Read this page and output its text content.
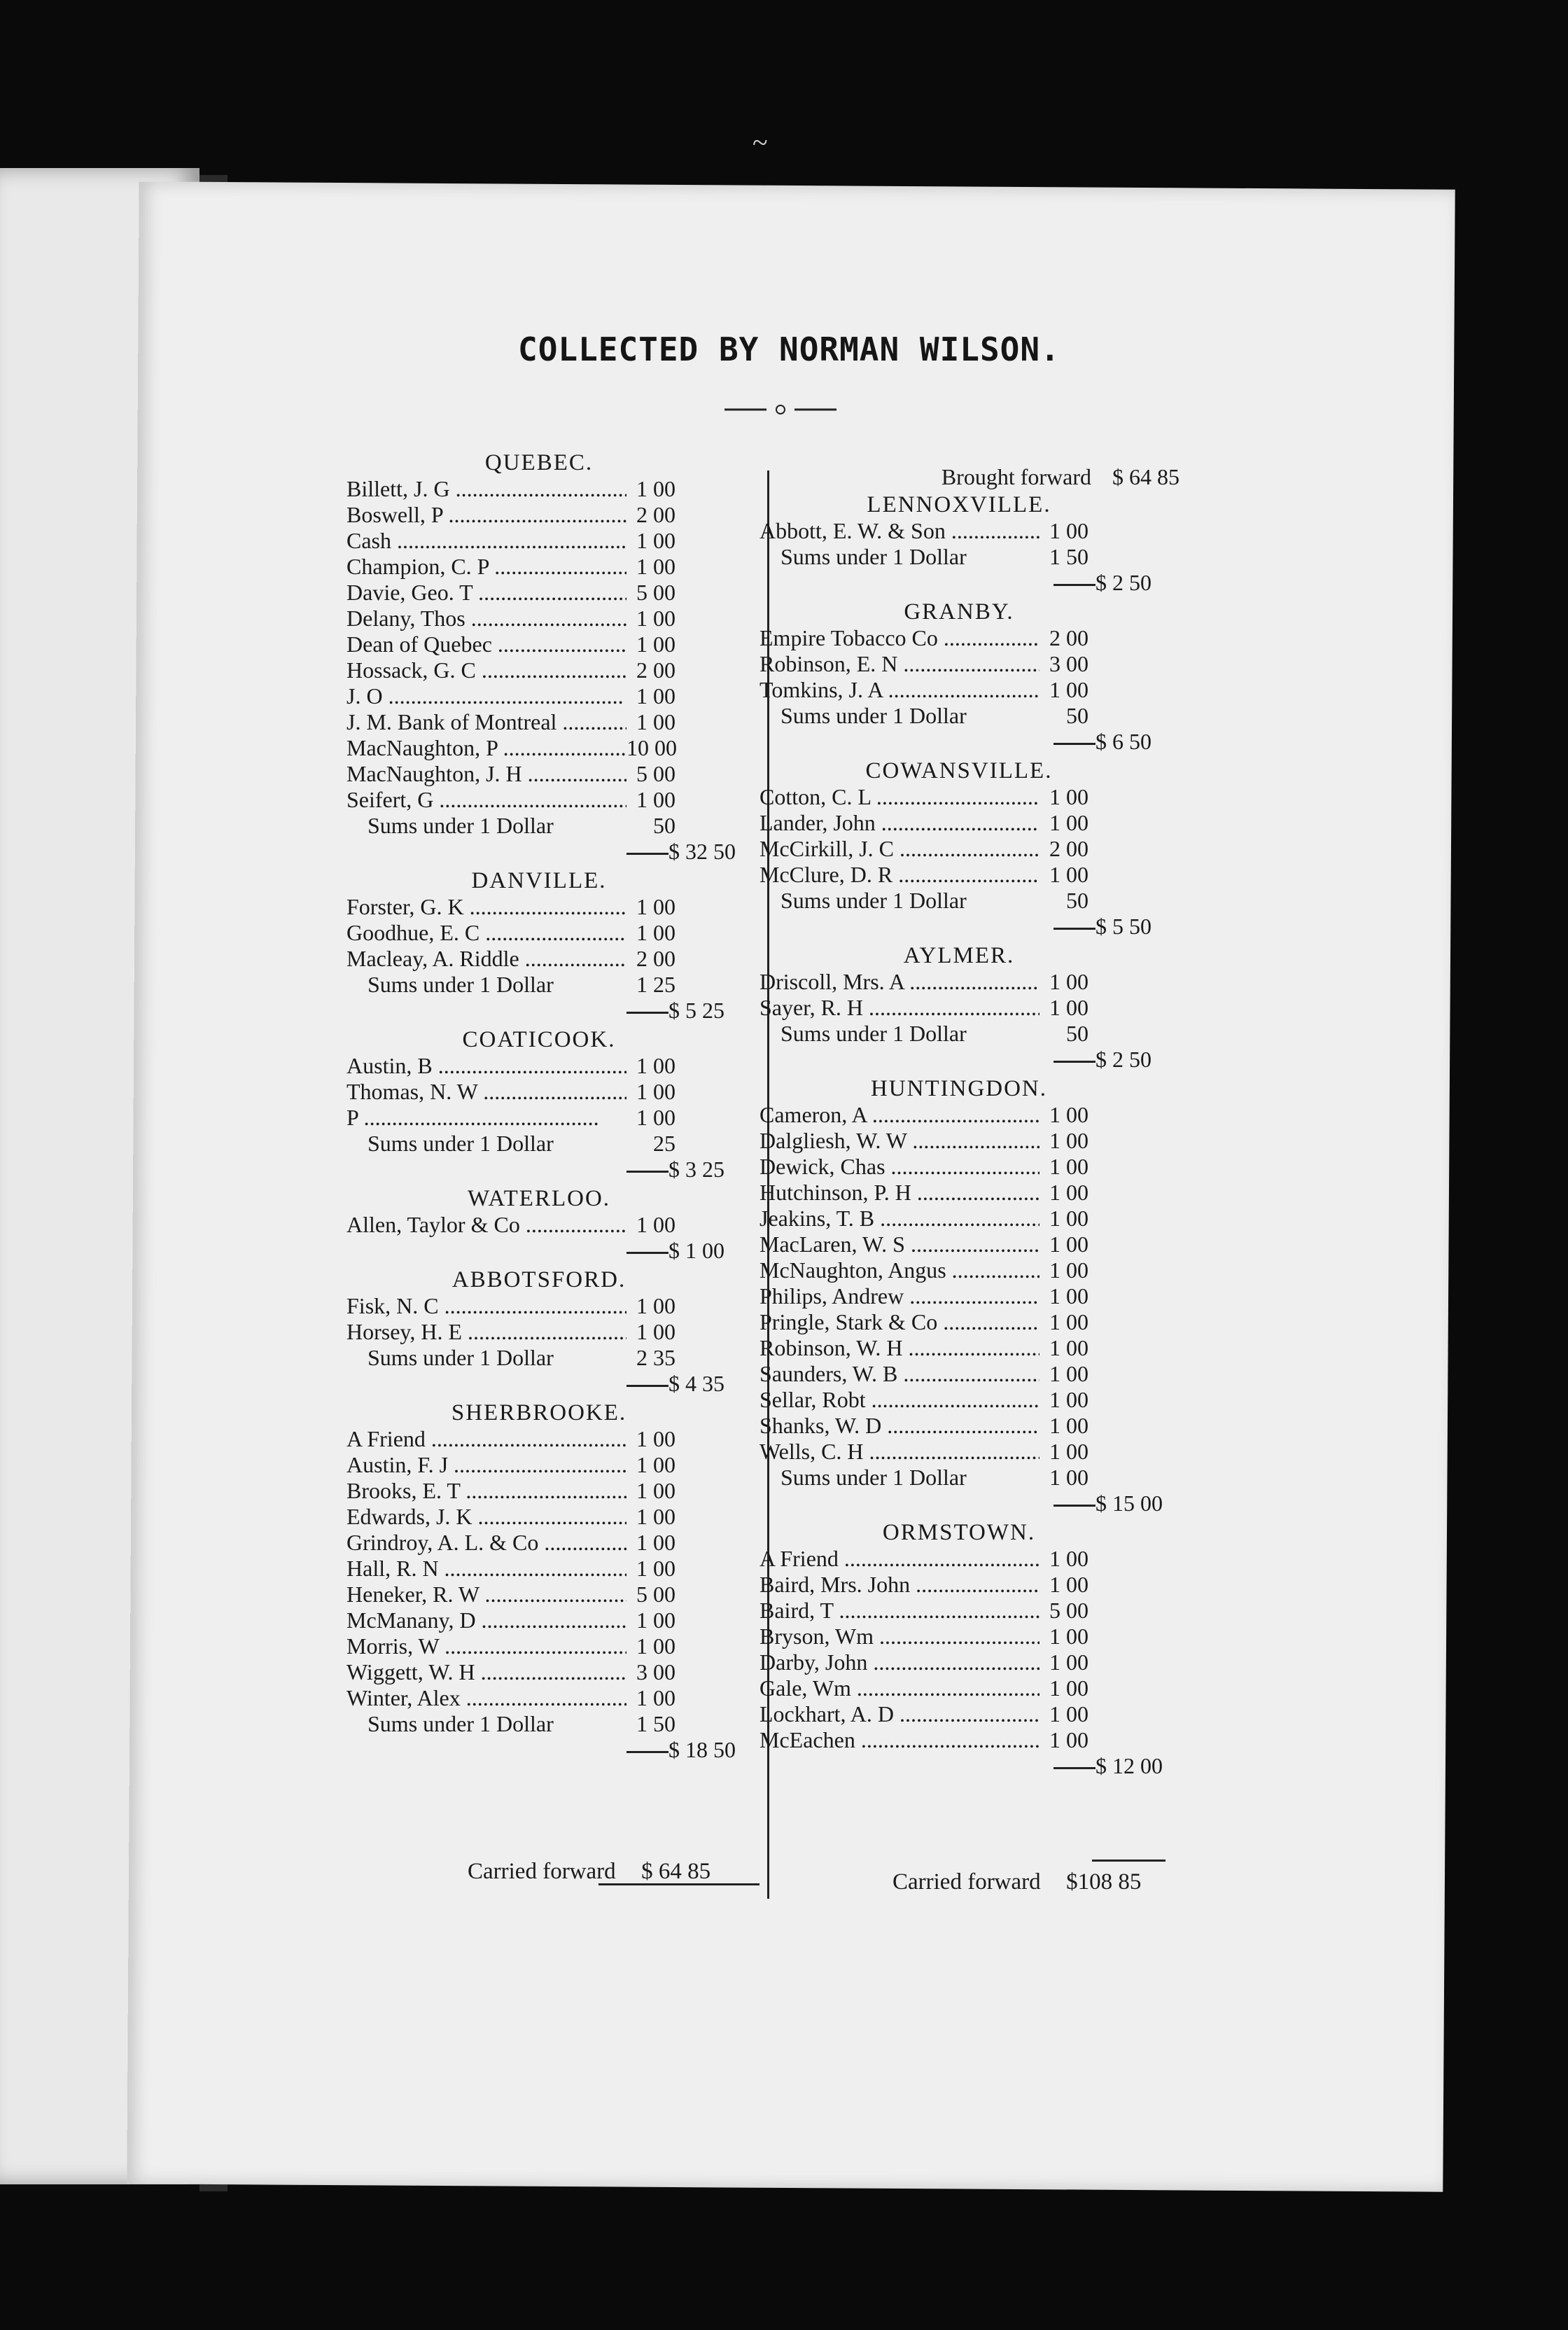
COLLECTED BY NORMAN WILSON.
QUEBEC.
Billett, J. G .....	1 00
Boswell, P .....	2 00
Cash .....	1 00
Champion, C. P .....	1 00
Davie, Geo. T .....	5 00
Delany, Thos .....	1 00
Dean of Quebec .....	1 00
Hossack, G. C .....	2 00
J. O .....	1 00
J. M. Bank of Montreal .....	1 00
MacNaughton, P .....	10 00
MacNaughton, J. H .....	5 00
Seifert, G .....	1 00
Sums under 1 Dollar	50
$ 32 50
DANVILLE.
Forster, G. K .....	1 00
Goodhue, E. C .....	1 00
Macleay, A. Riddle .....	2 00
Sums under 1 Dollar	1 25
$ 5 25
COATICOOK.
Austin, B .....	1 00
Thomas, N. W .....	1 00
P .....	1 00
Sums under 1 Dollar	25
$ 3 25
WATERLOO.
Allen, Taylor & Co .....	1 00
$ 1 00
ABBOTSFORD.
Fisk, N. C .....	1 00
Horsey, H. E .....	1 00
Sums under 1 Dollar	2 35
$ 4 35
SHERBROOKE.
A Friend .....	1 00
Austin, F. J .....	1 00
Brooks, E. T .....	1 00
Edwards, J. K .....	1 00
Grindroy, A. L. & Co .....	1 00
Hall, R. N .....	1 00
Heneker, R. W .....	5 00
McManany, D .....	1 00
Morris, W .....	1 00
Wiggett, W. H .....	3 00
Winter, Alex .....	1 00
Sums under 1 Dollar	1 50
$ 18 50
Brought forward $ 64 85
LENNOXVILLE.
Abbott, E. W. & Son .....	1 00
Sums under 1 Dollar	1 50
$ 2 50
GRANBY.
Empire Tobacco Co .....	2 00
Robinson, E. N .....	3 00
Tomkins, J. A .....	1 00
Sums under 1 Dollar	50
$ 6 50
COWANSVILLE.
Cotton, C. L .....	1 00
Lander, John .....	1 00
McCirkill, J. C .....	2 00
McClure, D. R .....	1 00
Sums under 1 Dollar	50
$ 5 50
AYLMER.
Driscoll, Mrs. A .....	1 00
Sayer, R. H .....	1 00
Sums under 1 Dollar	50
$ 2 50
HUNTINGDON.
Cameron, A .....	1 00
Dalgliesh, W. W .....	1 00
Dewick, Chas .....	1 00
Hutchinson, P. H .....	1 00
Jeakins, T. B .....	1 00
MacLaren, W. S .....	1 00
McNaughton, Angus .....	1 00
Philips, Andrew .....	1 00
Pringle, Stark & Co .....	1 00
Robinson, W. H .....	1 00
Saunders, W. B .....	1 00
Sellar, Robt .....	1 00
Shanks, W. D .....	1 00
Wells, C. H .....	1 00
Sums under 1 Dollar	1 00
$ 15 00
ORMSTOWN.
A Friend .....	1 00
Baird, Mrs. John .....	1 00
Baird, T .....	5 00
Bryson, Wm .....	1 00
Darby, John .....	1 00
Gale, Wm .....	1 00
Lockhart, A. D .....	1 00
McEachen .....	1 00
$ 12 00
Carried forward $ 64 85	Carried forward $108 85
~
